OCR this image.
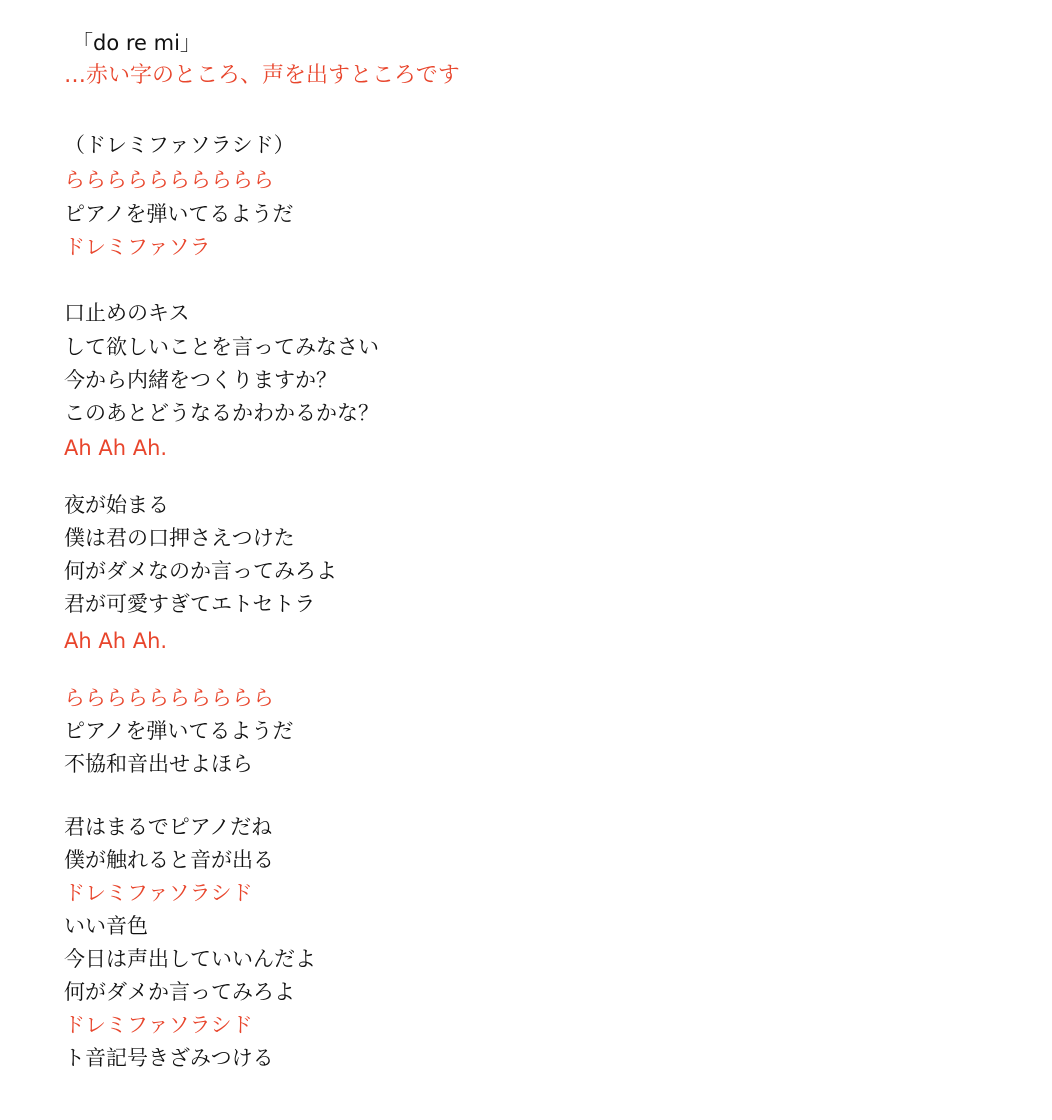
「do re mi」
…赤い字のところ、声を出すところです
（ドレミファソラシド）
らららららららららら
ピアノを弾いてるようだ
ドレミファソラ
口止めのキス
して欲しいことを言ってみなさい
今から内緒をつくりますか？
このあとどうなるかわかるかな？
Ah Ah Ah.
夜が始まる
僕は君の口押さえつけた
何がダメなのか言ってみろよ
君が可愛すぎてエトセトラ
Ah Ah Ah.
らららららららららら
ピアノを弾いてるようだ
不協和音出せよほら
君はまるでピアノだね
僕が触れると音が出る
ドレミファソラシド
いい音色
今日は声出していいんだよ
何がダメか言ってみろよ
ドレミファソラシド
ト音記号きざみつける
